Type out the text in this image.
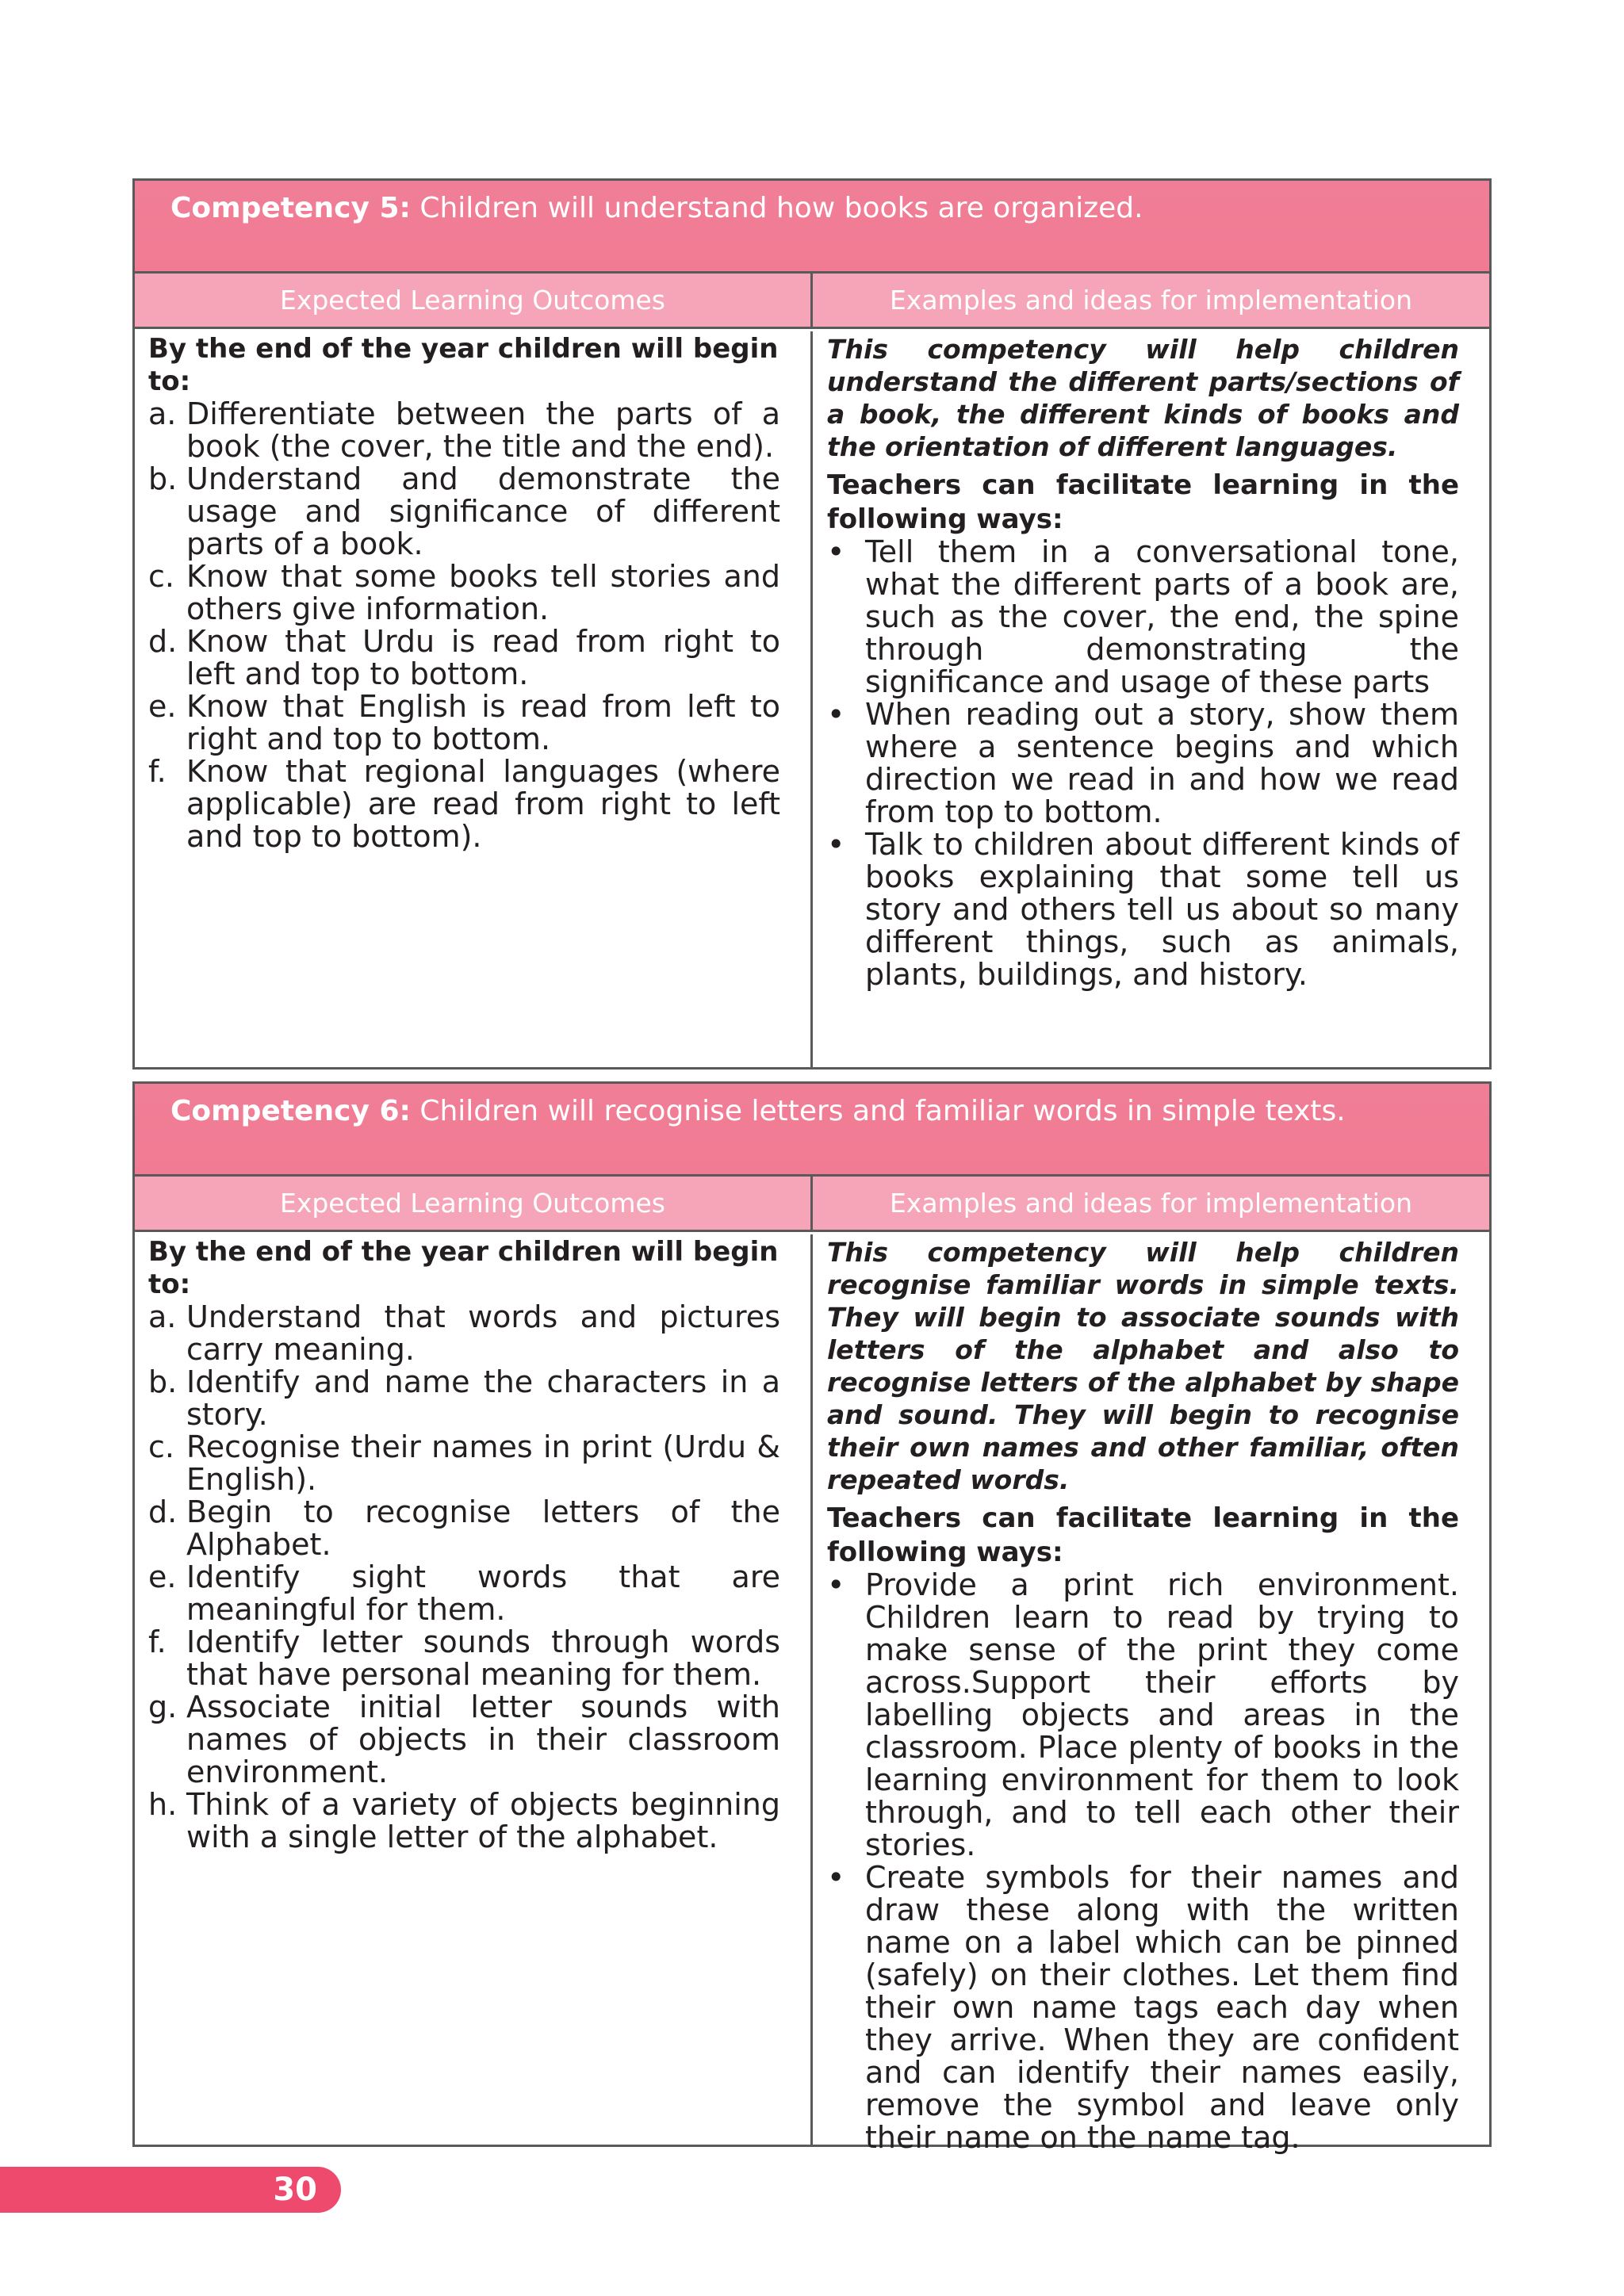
Competency 5: Children will understand how books are organized.
Expected Learning Outcomes	Examples and ideas for implementation
By the end of the year children will begin to:
a. Differentiate between the parts of a book (the cover, the title and the end).
b. Understand and demonstrate the usage and significance of different parts of a book.
c. Know that some books tell stories and others give information.
d. Know that Urdu is read from right to left and top to bottom.
e. Know that English is read from left to right and top to bottom.
f. Know that regional languages (where applicable) are read from right to left and top to bottom).

This competency will help children understand the different parts/sections of a book, the different kinds of books and the orientation of different languages.

Teachers can facilitate learning in the

following ways:

• Tell them in a conversational tone, what the different parts of a book are, such as the cover, the end, the spine through demonstrating the significance and usage of these parts
• When reading out a story, show them where a sentence begins and which direction we read in and how we read from top to bottom.
• Talk to children about different kinds of books explaining that some tell us story and others tell us about so many different things, such as animals, plants, buildings, and history.
Competency 6: Children will recognise letters and familiar words in simple texts.
Expected Learning Outcomes	Examples and ideas for implementation
By the end of the year children will begin to:
a. Understand that words and pictures carry meaning.
b. Identify and name the characters in a story.
c. Recognise their names in print (Urdu & English).
d. Begin to recognise letters of the Alphabet.
e. Identify sight words that are meaningful for them.
f. Identify letter sounds through words that have personal meaning for them.
g. Associate initial letter sounds with names of objects in their classroom environment.
h. Think of a variety of objects beginning with a single letter of the alphabet.

This competency will help children recognise familiar words in simple texts. They will begin to associate sounds with letters of the alphabet and also to recognise letters of the alphabet by shape and sound. They will begin to recognise their own names and other familiar, often repeated words.

Teachers can facilitate learning in the

following ways:

• Provide a print rich environment. Children learn to read by trying to make sense of the print they come across.Support their efforts by labelling objects and areas in the classroom. Place plenty of books in the learning environment for them to look through, and to tell each other their stories.
• Create symbols for their names and draw these along with the written name on a label which can be pinned (safely) on their clothes. Let them find their own name tags each day when they arrive. When they are confident and can identify their names easily, remove the symbol and leave only their name on the name tag.
30
